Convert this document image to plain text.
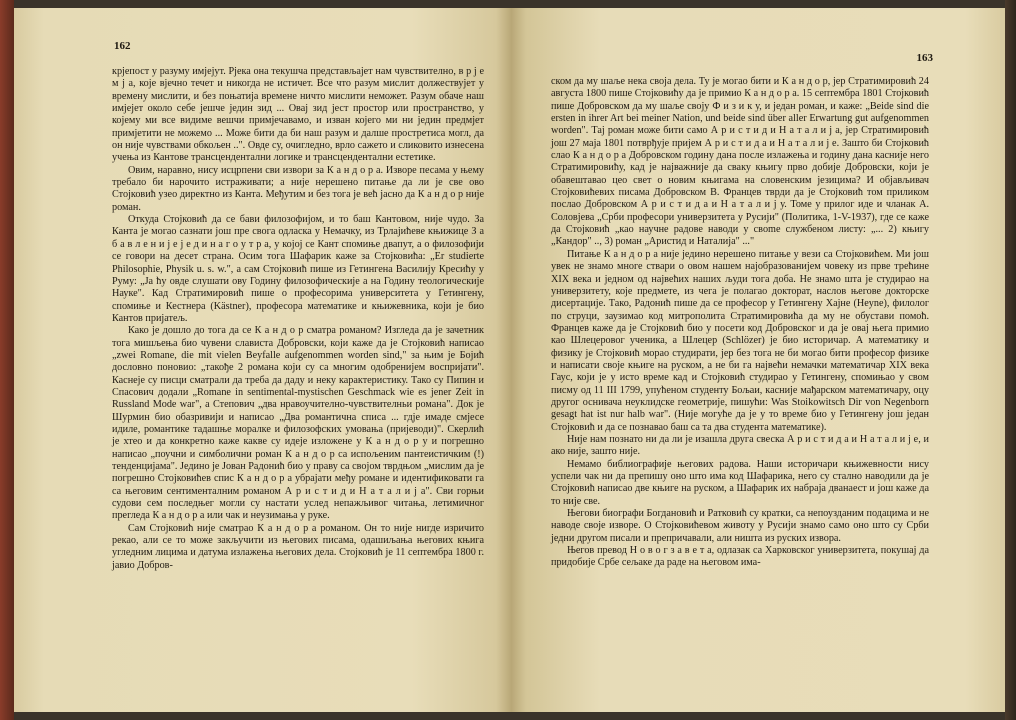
162

крјепост у разуму имјејут. Рјека она текушча представљајет нам чувствителнo, в р ј е м ј а, које вјечно течет и никогда не истичет. Все что разум мислит должествујет у времену мислити, и без поњатија времене ничто мислити неможет. Разум обаче наш имјејет около себе јешче једин зид ... Овај зид јест простор или пространство, у којему ми все видиме вешчи примјечавамо, и изван којего ми ни једин предмјет примјетити не можемо ... Може бити да би наш разум и далше простретиса могл, да он није чувствами обкољен ..". Овде су, очигледно, врло сажето и сликовито изнесена учења из Кантове трансцендентални логике и трансцендентални естетике.

Овим, наравно, нису исцрпени сви извори за К а н д о р а. Изворе песама у њему требало би нарочито истраживати; а није нерешено питање да ли је све ово Стојковић узео директно из Канта. Међутим и без тога је већ јасно да К а н д о р није роман.

Откуда Стојковић да се бави филозофијом, и то баш Кантовом, није чудо. За Канта је могао сазнати још пре свога одласка у Немачку, из Трлајићеве књижице З а б а в л е н и ј е ј е д и н а г о у т р а, у којој се Кант спомиње двапут, а о филозофији се говори на десет страна. Осим тога Шафарик каже за Стојковића: „Er studierte Philosophie, Physik u. s. w.", а сам Стојковић пише из Гетингена Василију Кресићу у Руму: „Ја ћу овде слушати ову Годину филозофическије а на Годину теологическије Науке". Кад Стратимировић пише о професорима университета у Гетингену, спомиње и Кестнера (Kästner), професора математике и књижевника, који је био Кантов пријатељ.

Како је дошло до тога да се К а н д о р сматра романом? Изгледа да је зачетник тога мишљења био чувени слависта Добровски, који каже да је Стојковић написао „zwei Romane, die mit vielen Beyfalle aufgenommen worden sind," за њим је Бојић дословно поновио: „такође 2 романа који су са многим одобренијем воспријати". Каснеје су писци сматрали да треба да даду и неку карактеристику. Тако су Пипин и Спасович додали „Romane in sentimental-mystischen Geschmack wie es jener Zeit in Russland Mode war", а Степович „два нравоучително-чувствителньи романа". Док је Шурмин био обазривији и написао „Два романтична списа ... гдје имаде смјесе идиле, романтике тадашње моралке и филозофских умовања (пријеводи)". Скерлић је хтео и да конкретно каже какве су идеје изложене у К а н д о р у и погрешно написао „поучни и симболични роман К а н д о р са испољеним пантеистичким (!) тенденцијама". Једино је Јован Радонић био у праву са својом тврдњом „мислим да је погрешно Стојковићев спис К а н д о р а убрајати међу романе и идентификовати га са његовим сентименталним романом А р и с т и д и Н а т а л и ј а". Сви горњи судови сем последњег могли су настати услед непажљивог читања, летимичног прегледа К а н д о р а или чак и неузимања у руке.

Сам Стојковић није сматрао К а н д о р а романом. Он то није нигде изричито рекао, али се то може закључити из његових писама, одашиљања његових књига угледним лицима и датума излажења његових дела. Стојковић је 11 септембра 1800 г. јавио Добров-

163

ском да му шаље нека своја дела. Ту је могао бити и К а н д о р, јер Стратимировић 24 августа 1800 пише Стојковићу да је примио К а н д о р а. 15 септембра 1801 Стојковић пише Добровском да му шаље своју Ф и з и к у, и један роман, и каже: „Beide sind die ersten in ihrer Art bei meiner Nation, und beide sind über aller Erwartung gut aufgenommen worden". Тај роман може бити само А р и с т и д и Н а т а л и ј а, јер Стратимировић још 27 маја 1801 потврђује пријем А р и с т и д а и Н а т а л и ј е. Зашто би Стојковић слао К а н д о р а Добровском годину дана после излажења и годину дана касније него Стратимировићу, кад је најважније да сваку књигу прво добије Добровски, који је обавештавао цео свет о новим књигама на словенским језицима? И објављивач Стојковићевих писама Добровском В. Францев тврди да је Стојковић том приликом послао Добровском А р и с т и д а и Н а т а л и ј у. Томе у прилог иде и чланак А. Соловјева „Срби професори универзитета у Русији" (Политика, 1-V-1937), где се каже да Стојковић „као научне радове наводи у свome службеном листу: „... 2) књигу „Кандор" .., 3) роман „Аристид и Наталија" ..."

Питање К а н д о р а није једино нерешено питање у вези са Стојковићем. Ми још увек не знамо многе ствари о овом нашем најобразованијем човеку из прве трећине XIX века и једном од највећих наших људи тога доба. Не знамо шта је студирао на универзитету, које предмете, из чега је полагао докторат, наслов његове докторске дисертације. Тако, Радонић пише да се професор у Гетингену Хајне (Heyne), филолог по струци, заузимао код митрополита Стратимировића да му не обустави помоћ. Францев каже да је Стојковић био у посети код Добровског и да је овај њега примио као Шлецеровог ученика, а Шлецер (Schlözer) је био историчар. А математику и физику је Стојковић морао студирати, јер без тога не би могао бити професор физике и написати своје књиге на руском, а не би га највећи немачки математичар XIX века Гаус, који је у исто време кад и Стојковић студирао у Гетингену, спомињао у свом писму од 11 III 1799, упућеном студенту Бољаи, касније мађарском математичару, оцу другог оснивача неуклидске геометрије, пишући: Was Stoikowitsch Dir von Negenborn gesagt hat ist nur halb war". (Није могуће да је у то време био у Гетингену још један Стојковић и да се познавао баш са та два студента математике).

Није нам познато ни да ли је изашла друга свеска А р и с т и д а и Н а т а л и ј е, и ако није, зашто није.

Немамо библиографије његових радова. Наши историчари књижевности нису успели чак ни да препишу оно што има код Шафарика, него су стално наводили да је Стојковић написао две књиге на руском, а Шафарик их набраја дванаест и још каже да то није све.

Његови биографи Богдановић и Ратковић су кратки, са непоузданим подацима и не наводе своје изворе. О Стојковићевом животу у Русији знамо само оно што су Срби једни другом писали и препричавали, али ништа из руских извора.

Његов превод Н о в о г з а в е т а, одлазак са Харковског универзитета, покушај да придобије Србе сељаке да раде на његовом има-
